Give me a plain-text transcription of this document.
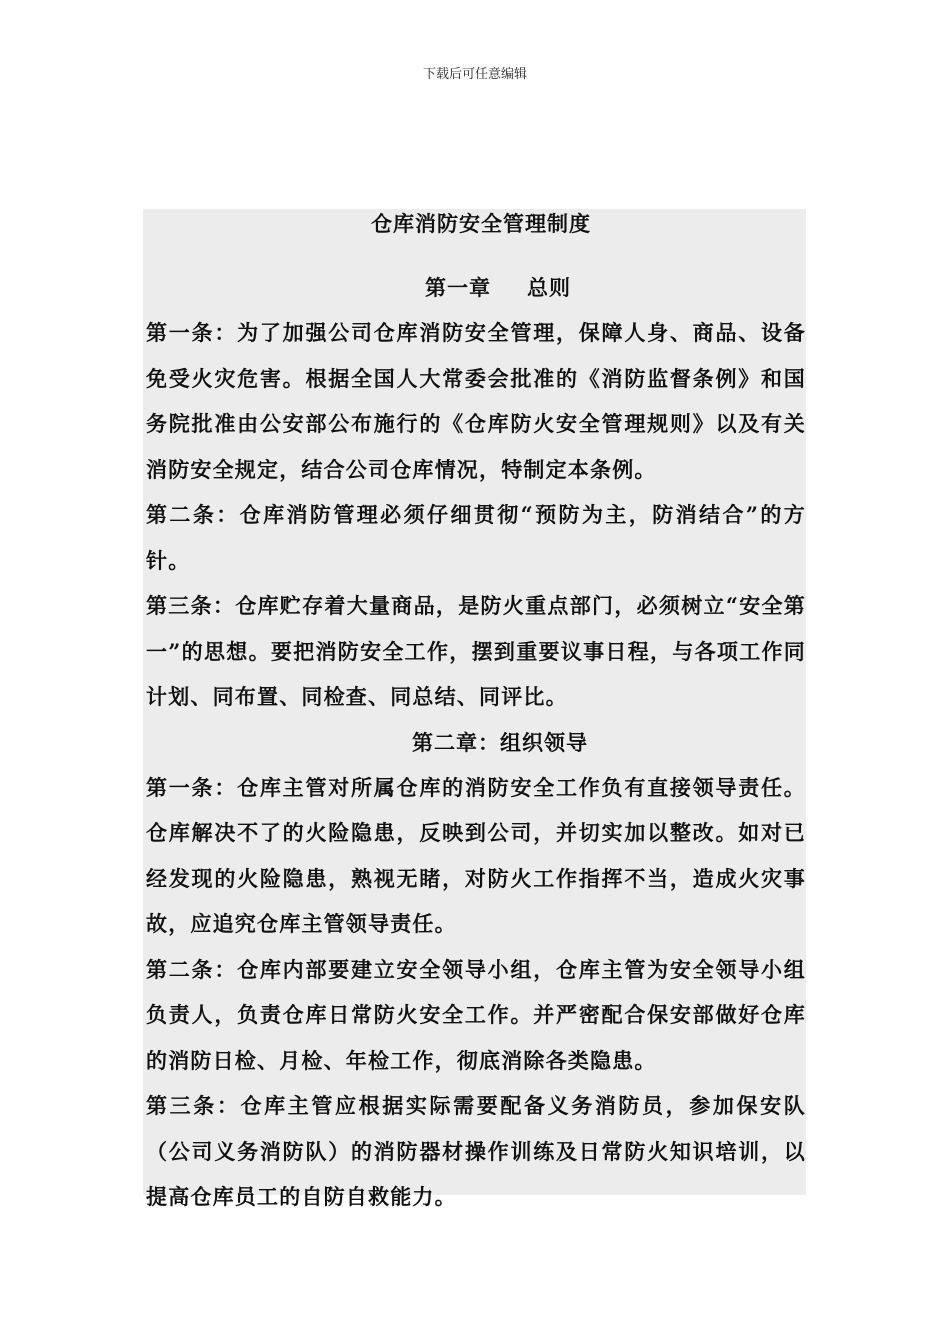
下载后可任意编辑
仓库消防安全管理制度
第一章 总则

第一条：为了加强公司仓库消防安全管理，保障人身、商品、设备免受火灾危害。根据全国人大常委会批准的《消防监督条例》和国务院批准由公安部公布施行的《仓库防火安全管理规则》以及有关消防安全规定，结合公司仓库情况，特制定本条例。

第二条：仓库消防管理必须仔细贯彻“预防为主，防消结合”的方针。

第三条：仓库贮存着大量商品，是防火重点部门，必须树立“安全第一”的思想。要把消防安全工作，摆到重要议事日程，与各项工作同计划、同布置、同检查、同总结、同评比。

第二章：组织领导

第一条：仓库主管对所属仓库的消防安全工作负有直接领导责任。仓库解决不了的火险隐患，反映到公司，并切实加以整改。如对已经发现的火险隐患，熟视无睹，对防火工作指挥不当，造成火灾事故，应追究仓库主管领导责任。

第二条：仓库内部要建立安全领导小组，仓库主管为安全领导小组负责人，负责仓库日常防火安全工作。并严密配合保安部做好仓库的消防日检、月检、年检工作，彻底消除各类隐患。

第三条：仓库主管应根据实际需要配备义务消防员，参加保安队（公司义务消防队）的消防器材操作训练及日常防火知识培训，以提高仓库员工的自防自救能力。
